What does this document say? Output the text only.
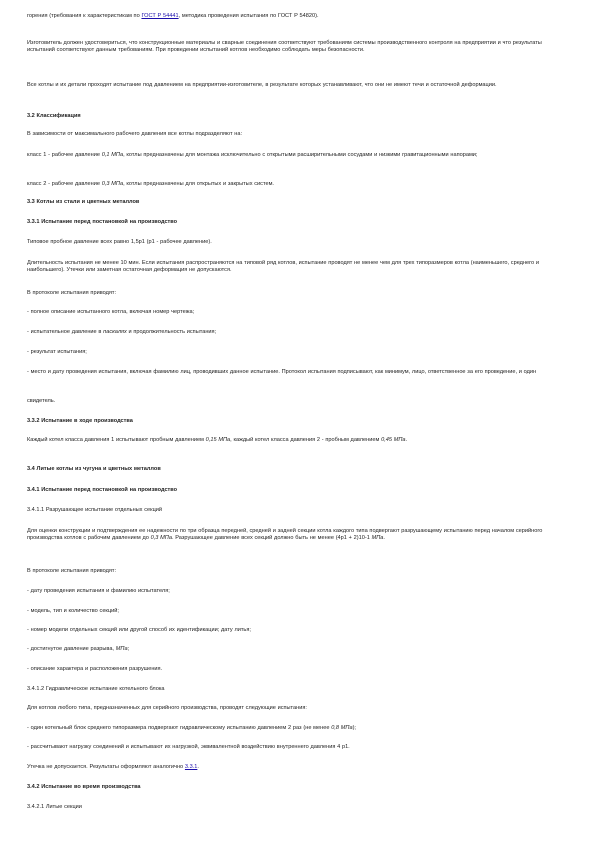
горения (требования к характеристикам по ГОСТ Р 54441, методика проведения испытания по ГОСТ Р 54820).

Изготовитель должен удостовериться, что конструкционные материалы и сварные соединения соответствуют требованиям системы производственного контроля на предприятии и что результаты испытаний соответствуют данным требованиям. При проведении испытаний котлов необходимо соблюдать меры безопасности.

Все котлы и их детали проходят испытание под давлением на предприятии-изготовителе, в результате которых устанавливают, что они не имеют течи и остаточной деформации.

3.2 Классификация

В зависимости от максимального рабочего давления все котлы подразделяют на:

класс 1 - рабочее давление 0,1 МПа, котлы предназначены для монтажа исключительно с открытыми расширительными сосудами и низкими гравитационными напорами;

класс 2 - рабочее давление 0,3 МПа, котлы предназначены для открытых и закрытых систем.

3.3 Котлы из стали и цветных металлов

3.3.1 Испытание перед постановкой на производство

Типовое пробное давление всех равно 1,5р1 (р1 - рабочее давление).

Длительность испытания не менее 10 мин. Если испытания распространяются на типовой ряд котлов, испытание проводят не менее чем для трех типоразмеров котла (наименьшего, среднего и наибольшего). Утечки или заметная остаточная деформация не допускаются.

В протоколе испытания приводят:

- полное описание испытанного котла, включая номер чертежа;

- испытательное давление в паскалях и продолжительность испытания;

- результат испытания;

- место и дату проведения испытания, включая фамилию лиц, проводивших данное испытание. Протокол испытания подписывают, как минимум, лицо, ответственное за его проведение, и один

свидетель.

3.3.2 Испытание в ходе производства

Каждый котел класса давления 1 испытывают пробным давлением 0,15 МПа, каждый котел класса давления 2 - пробным давлением 0,45 МПа.

3.4 Литые котлы из чугуна и цветных металлов

3.4.1 Испытание перед постановкой на производство

3.4.1.1 Разрушающее испытание отдельных секций

Для оценки конструкции и подтверждения ее надежности по три образца передней, средней и задней секции котла каждого типа подвергают разрушающему испытанию перед началом серийного производства котлов с рабочим давлением до 0,3 МПа. Разрушающее давление всех секций должно быть не менее (4р1 + 2)10-1 МПа.

В протоколе испытания приводят:

- дату проведения испытания и фамилию испытателя;

- модель, тип и количество секций;

- номер модели отдельных секций или другой способ их идентификации; дату литья;

- достигнутое давление разрыва, МПа;

- описание характера и расположения разрушения.

3.4.1.2 Гидравлическое испытание котельного блока

Для котлов любого типа, предназначенных для серийного производства, проводят следующие испытания:

- один котельный блок среднего типоразмера подвергают гидравлическому испытанию давлением 2 раз (не менее 0,8 МПа);

- рассчитывают нагрузку соединений и испытывают их нагрузкой, эквивалентной воздействию внутреннего давления 4 р1.

Утечка не допускается. Результаты оформляют аналогично 3.3.1.

3.4.2 Испытание во время производства

3.4.2.1 Литые секции
